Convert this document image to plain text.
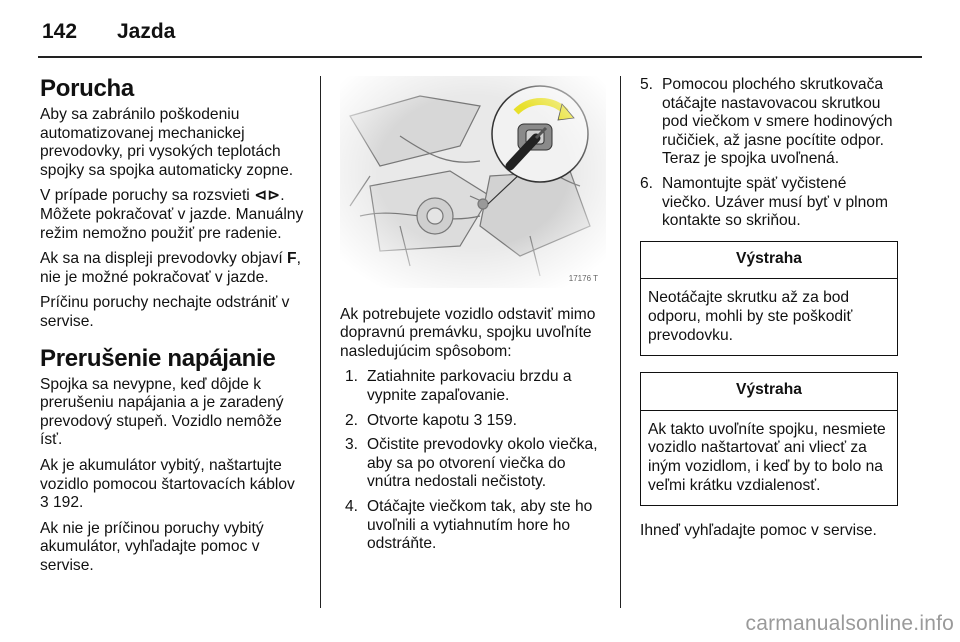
142 Jazda
Porucha

Aby sa zabránilo poškodeniu automatizovanej mechanickej prevodovky, pri vysokých teplotách spojky sa spojka automaticky zopne.

V prípade poruchy sa rozsvieti ⊲⊳. Môžete pokračovať v jazde. Manuálny režim nemožno použiť pre radenie.

Ak sa na displeji prevodovky objaví F, nie je možné pokračovať v jazde.

Príčinu poruchy nechajte odstrániť v servise.

Prerušenie napájanie

Spojka sa nevypne, keď dôjde k prerušeniu napájania a je zaradený prevodový stupeň. Vozidlo nemôže ísť.

Ak je akumulátor vybitý, naštartujte vozidlo pomocou štartovacích káblov 3 192.

Ak nie je príčinou poruchy vybitý akumulátor, vyhľadajte pomoc v servise.

17176 T

Ak potrebujete vozidlo odstaviť mimo dopravnú premávku, spojku uvoľníte nasledujúcim spôsobom:

1. Zatiahnite parkovaciu brzdu a vypnite zapaľovanie.
2. Otvorte kapotu 3 159.
3. Očistite prevodovky okolo viečka, aby sa po otvorení viečka do vnútra nedostali nečistoty.
4. Otáčajte viečkom tak, aby ste ho uvoľnili a vytiahnutím hore ho odstráňte.
5. Pomocou plochého skrutkovača otáčajte nastavovacou skrutkou pod viečkom v smere hodinových ručičiek, až jasne pocítite odpor. Teraz je spojka uvoľnená.
6. Namontujte späť vyčistené viečko. Uzáver musí byť v plnom kontakte so skriňou.
Výstraha
Neotáčajte skrutku až za bod odporu, mohli by ste poškodiť prevodovku.
Výstraha
Ak takto uvoľníte spojku, nesmiete vozidlo naštartovať ani vliecť za iným vozidlom, i keď by to bolo na veľmi krátku vzdialenosť.

Ihneď vyhľadajte pomoc v servise.

carmanualsonline.info
